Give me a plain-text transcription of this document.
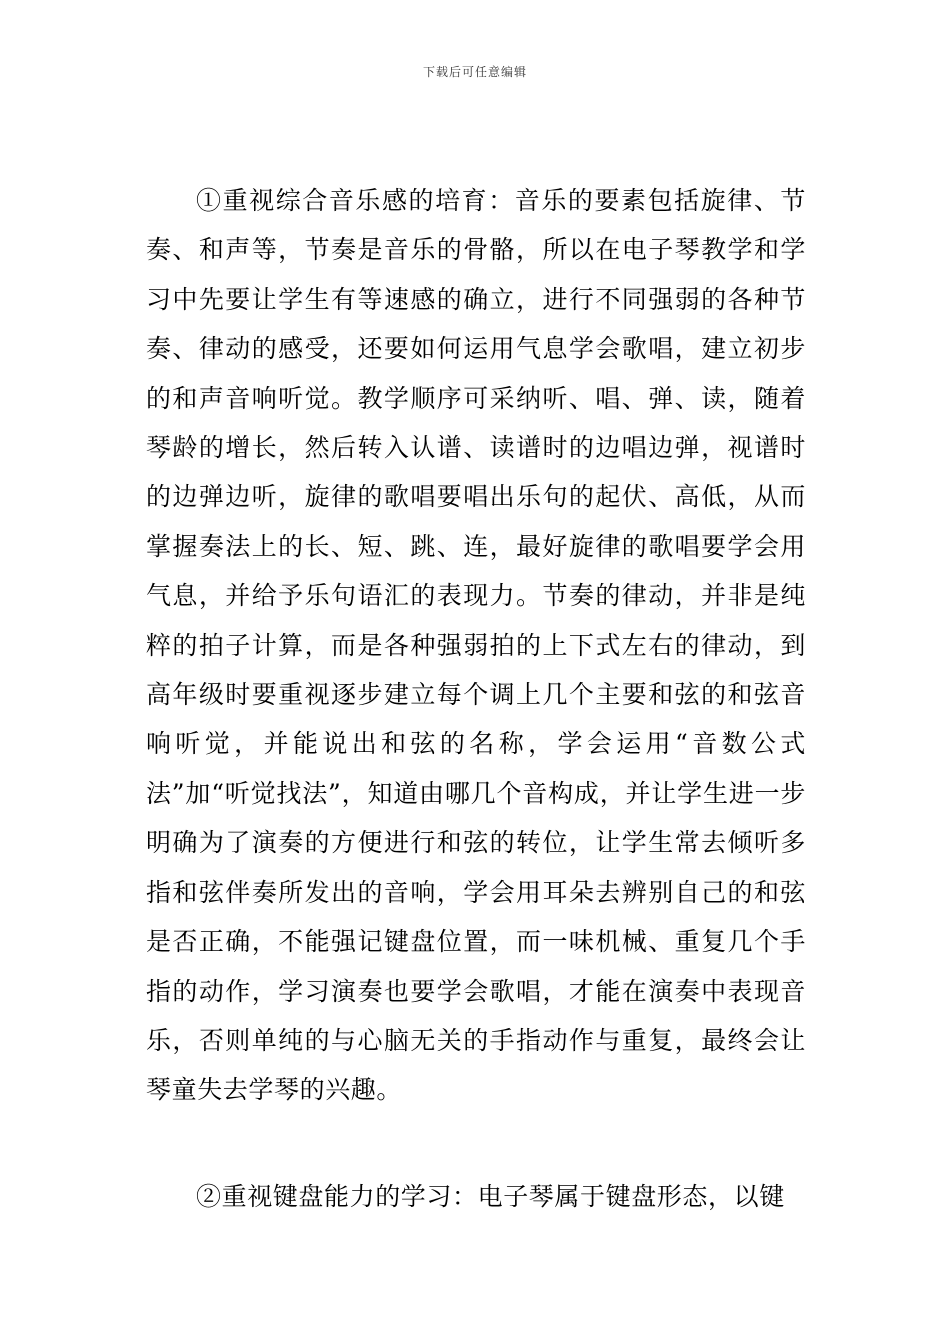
下载后可任意编辑

①重视综合音乐感的培育：音乐的要素包括旋律、节奏、和声等，节奏是音乐的骨骼，所以在电子琴教学和学习中先要让学生有等速感的确立，进行不同强弱的各种节奏、律动的感受，还要如何运用气息学会歌唱，建立初步的和声音响听觉。教学顺序可采纳听、唱、弹、读，随着琴龄的增长，然后转入认谱、读谱时的边唱边弹，视谱时的边弹边听，旋律的歌唱要唱出乐句的起伏、高低，从而掌握奏法上的长、短、跳、连，最好旋律的歌唱要学会用气息，并给予乐句语汇的表现力。节奏的律动，并非是纯粹的拍子计算，而是各种强弱拍的上下式左右的律动，到高年级时要重视逐步建立每个调上几个主要和弦的和弦音响听觉，并能说出和弦的名称，学会运用“音数公式法”加“听觉找法”，知道由哪几个音构成，并让学生进一步明确为了演奏的方便进行和弦的转位，让学生常去倾听多指和弦伴奏所发出的音响，学会用耳朵去辨别自己的和弦是否正确，不能强记键盘位置，而一味机械、重复几个手指的动作，学习演奏也要学会歌唱，才能在演奏中表现音乐，否则单纯的与心脑无关的手指动作与重复，最终会让琴童失去学琴的兴趣。

②重视键盘能力的学习：电子琴属于键盘形态，以键
